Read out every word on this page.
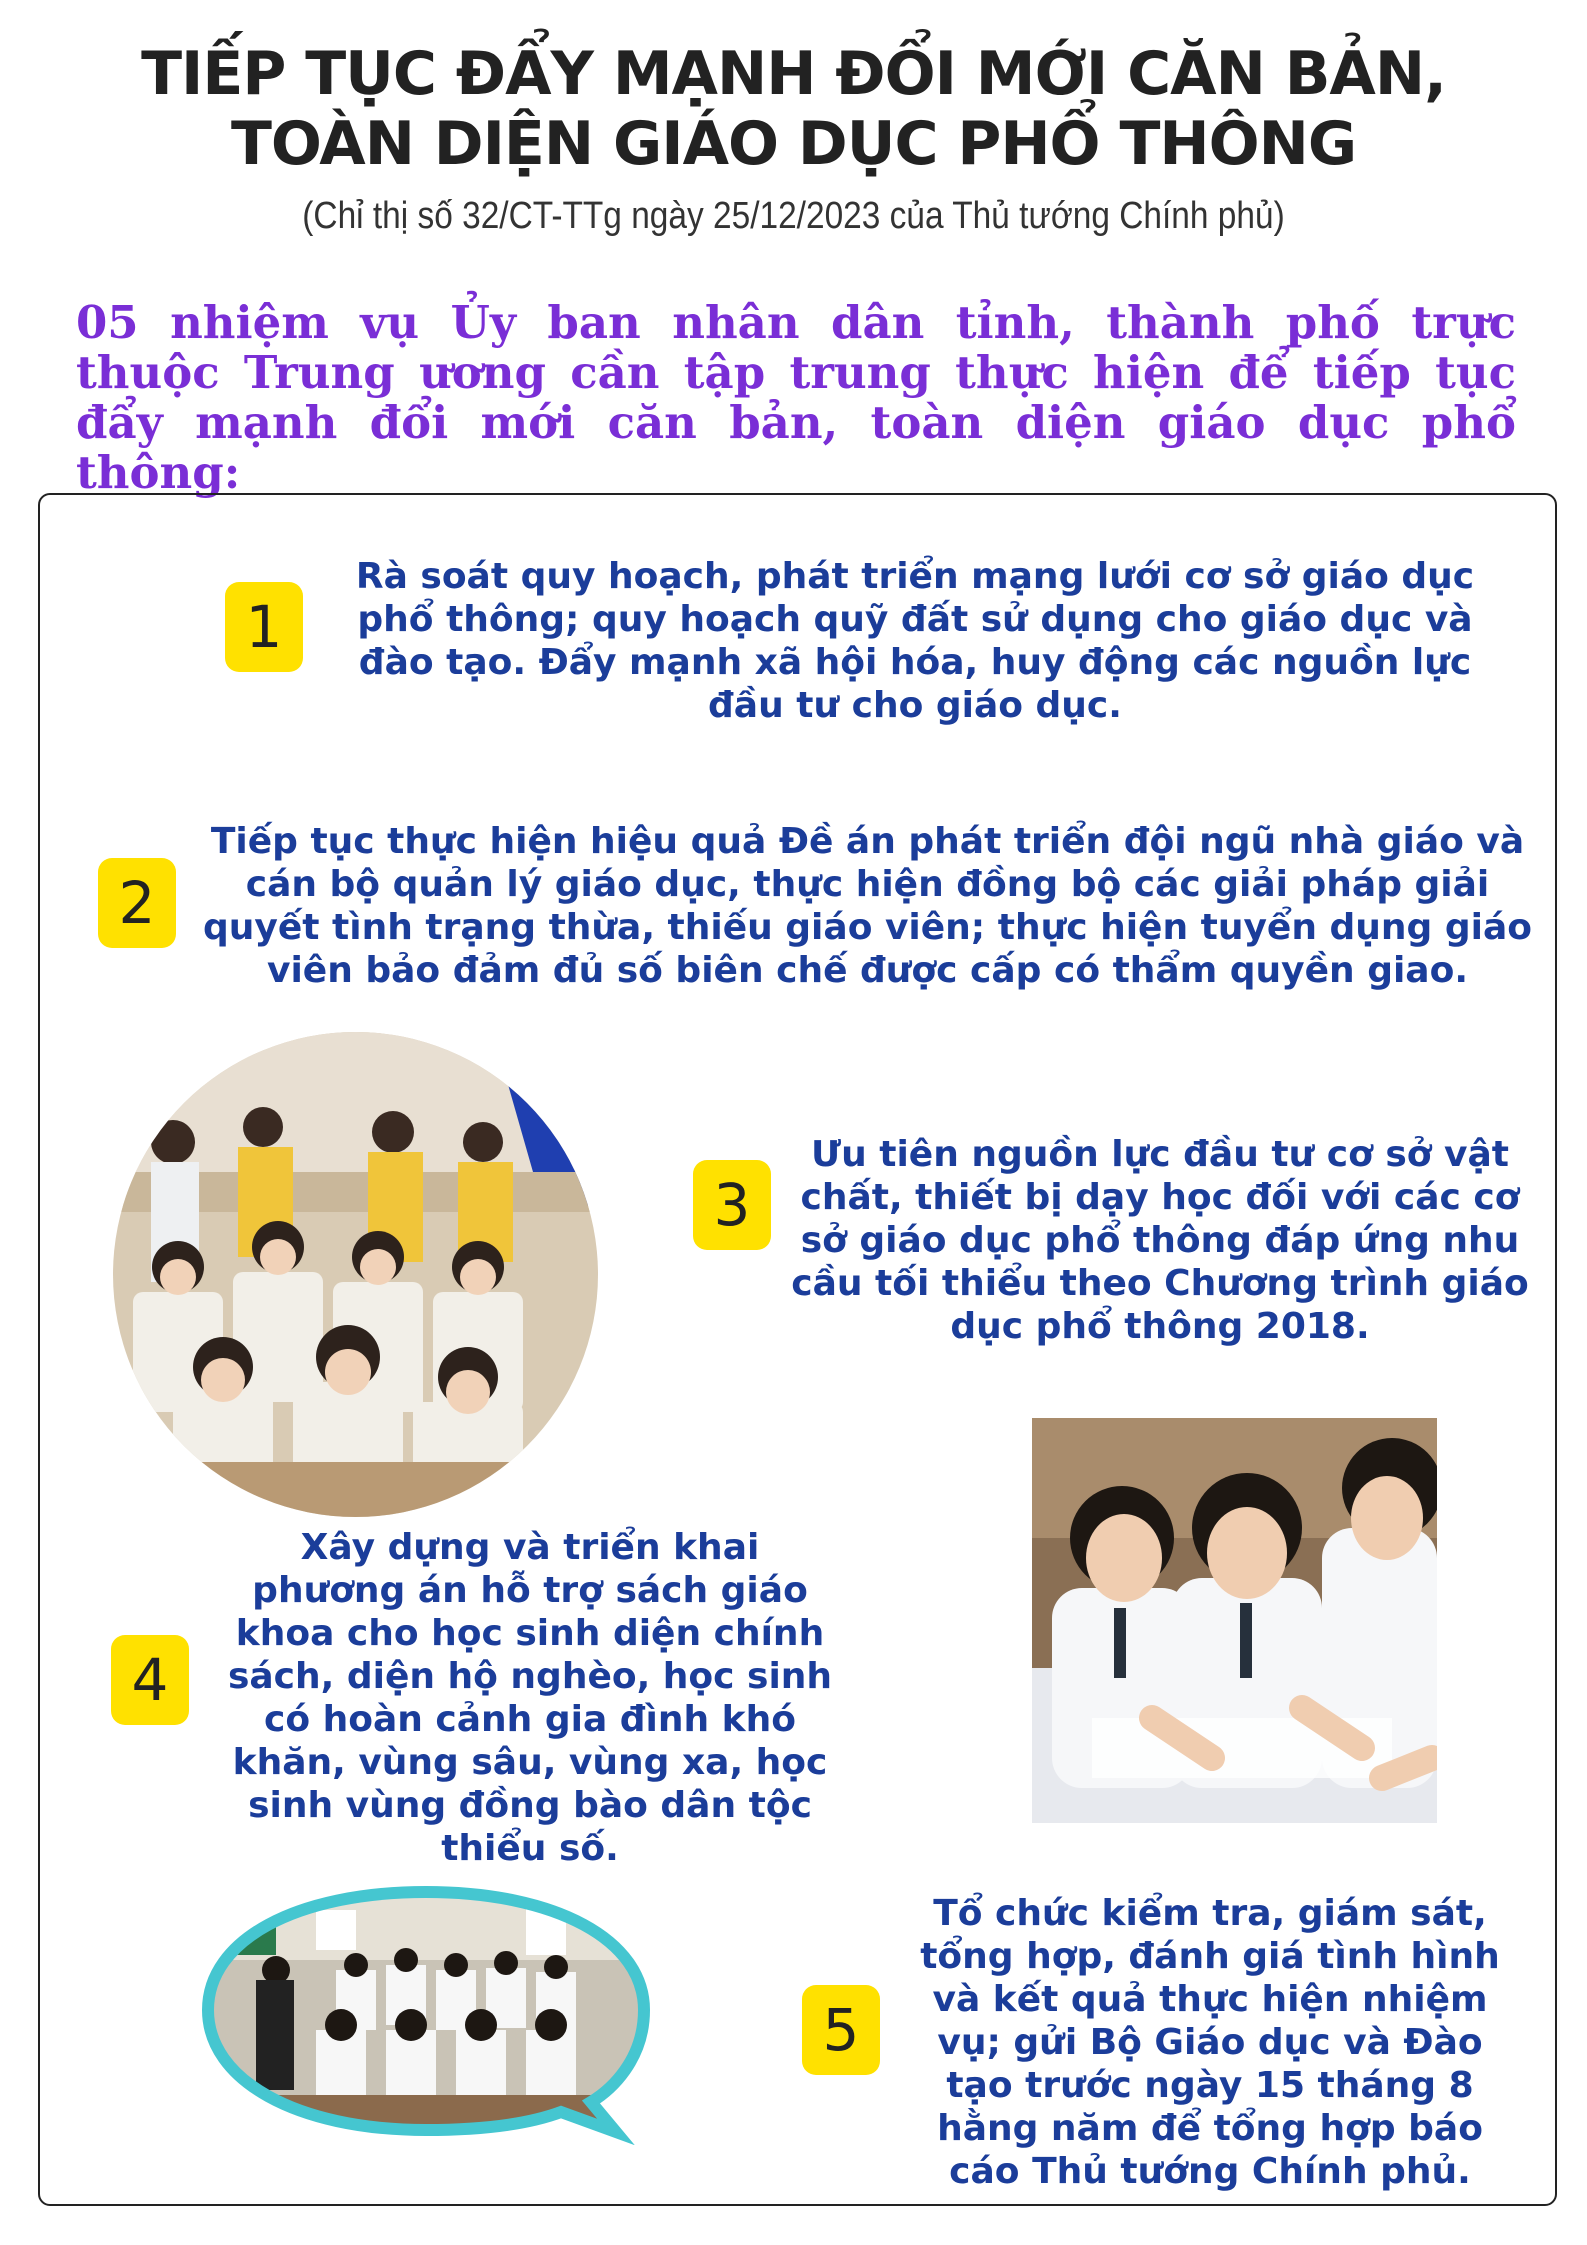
TIẾP TỤC ĐẨY MẠNH ĐỔI MỚI CĂN BẢN,
TOÀN DIỆN GIÁO DỤC PHỔ THÔNG
(Chỉ thị số 32/CT-TTg ngày 25/12/2023 của Thủ tướng Chính phủ)
05 nhiệm vụ Ủy ban nhân dân tỉnh, thành phố trực thuộc Trung ương cần tập trung thực hiện để tiếp tục đẩy mạnh đổi mới căn bản, toàn diện giáo dục phổ thông:
1
Rà soát quy hoạch, phát triển mạng lưới cơ sở giáo dục phổ thông; quy hoạch quỹ đất sử dụng cho giáo dục và đào tạo. Đẩy mạnh xã hội hóa, huy động các nguồn lực đầu tư cho giáo dục.
2
Tiếp tục thực hiện hiệu quả Đề án phát triển đội ngũ nhà giáo và cán bộ quản lý giáo dục, thực hiện đồng bộ các giải pháp giải quyết tình trạng thừa, thiếu giáo viên; thực hiện tuyển dụng giáo viên bảo đảm đủ số biên chế được cấp có thẩm quyền giao.
3
Ưu tiên nguồn lực đầu tư cơ sở vật chất, thiết bị dạy học đối với các cơ sở giáo dục phổ thông đáp ứng nhu cầu tối thiểu theo Chương trình giáo dục phổ thông 2018.
4
Xây dựng và triển khai phương án hỗ trợ sách giáo khoa cho học sinh diện chính sách, diện hộ nghèo, học sinh có hoàn cảnh gia đình khó khăn, vùng sâu, vùng xa, học sinh vùng đồng bào dân tộc thiểu số.
5
Tổ chức kiểm tra, giám sát, tổng hợp, đánh giá tình hình và kết quả thực hiện nhiệm vụ; gửi Bộ Giáo dục và Đào tạo trước ngày 15 tháng 8 hằng năm để tổng hợp báo cáo Thủ tướng Chính phủ.
